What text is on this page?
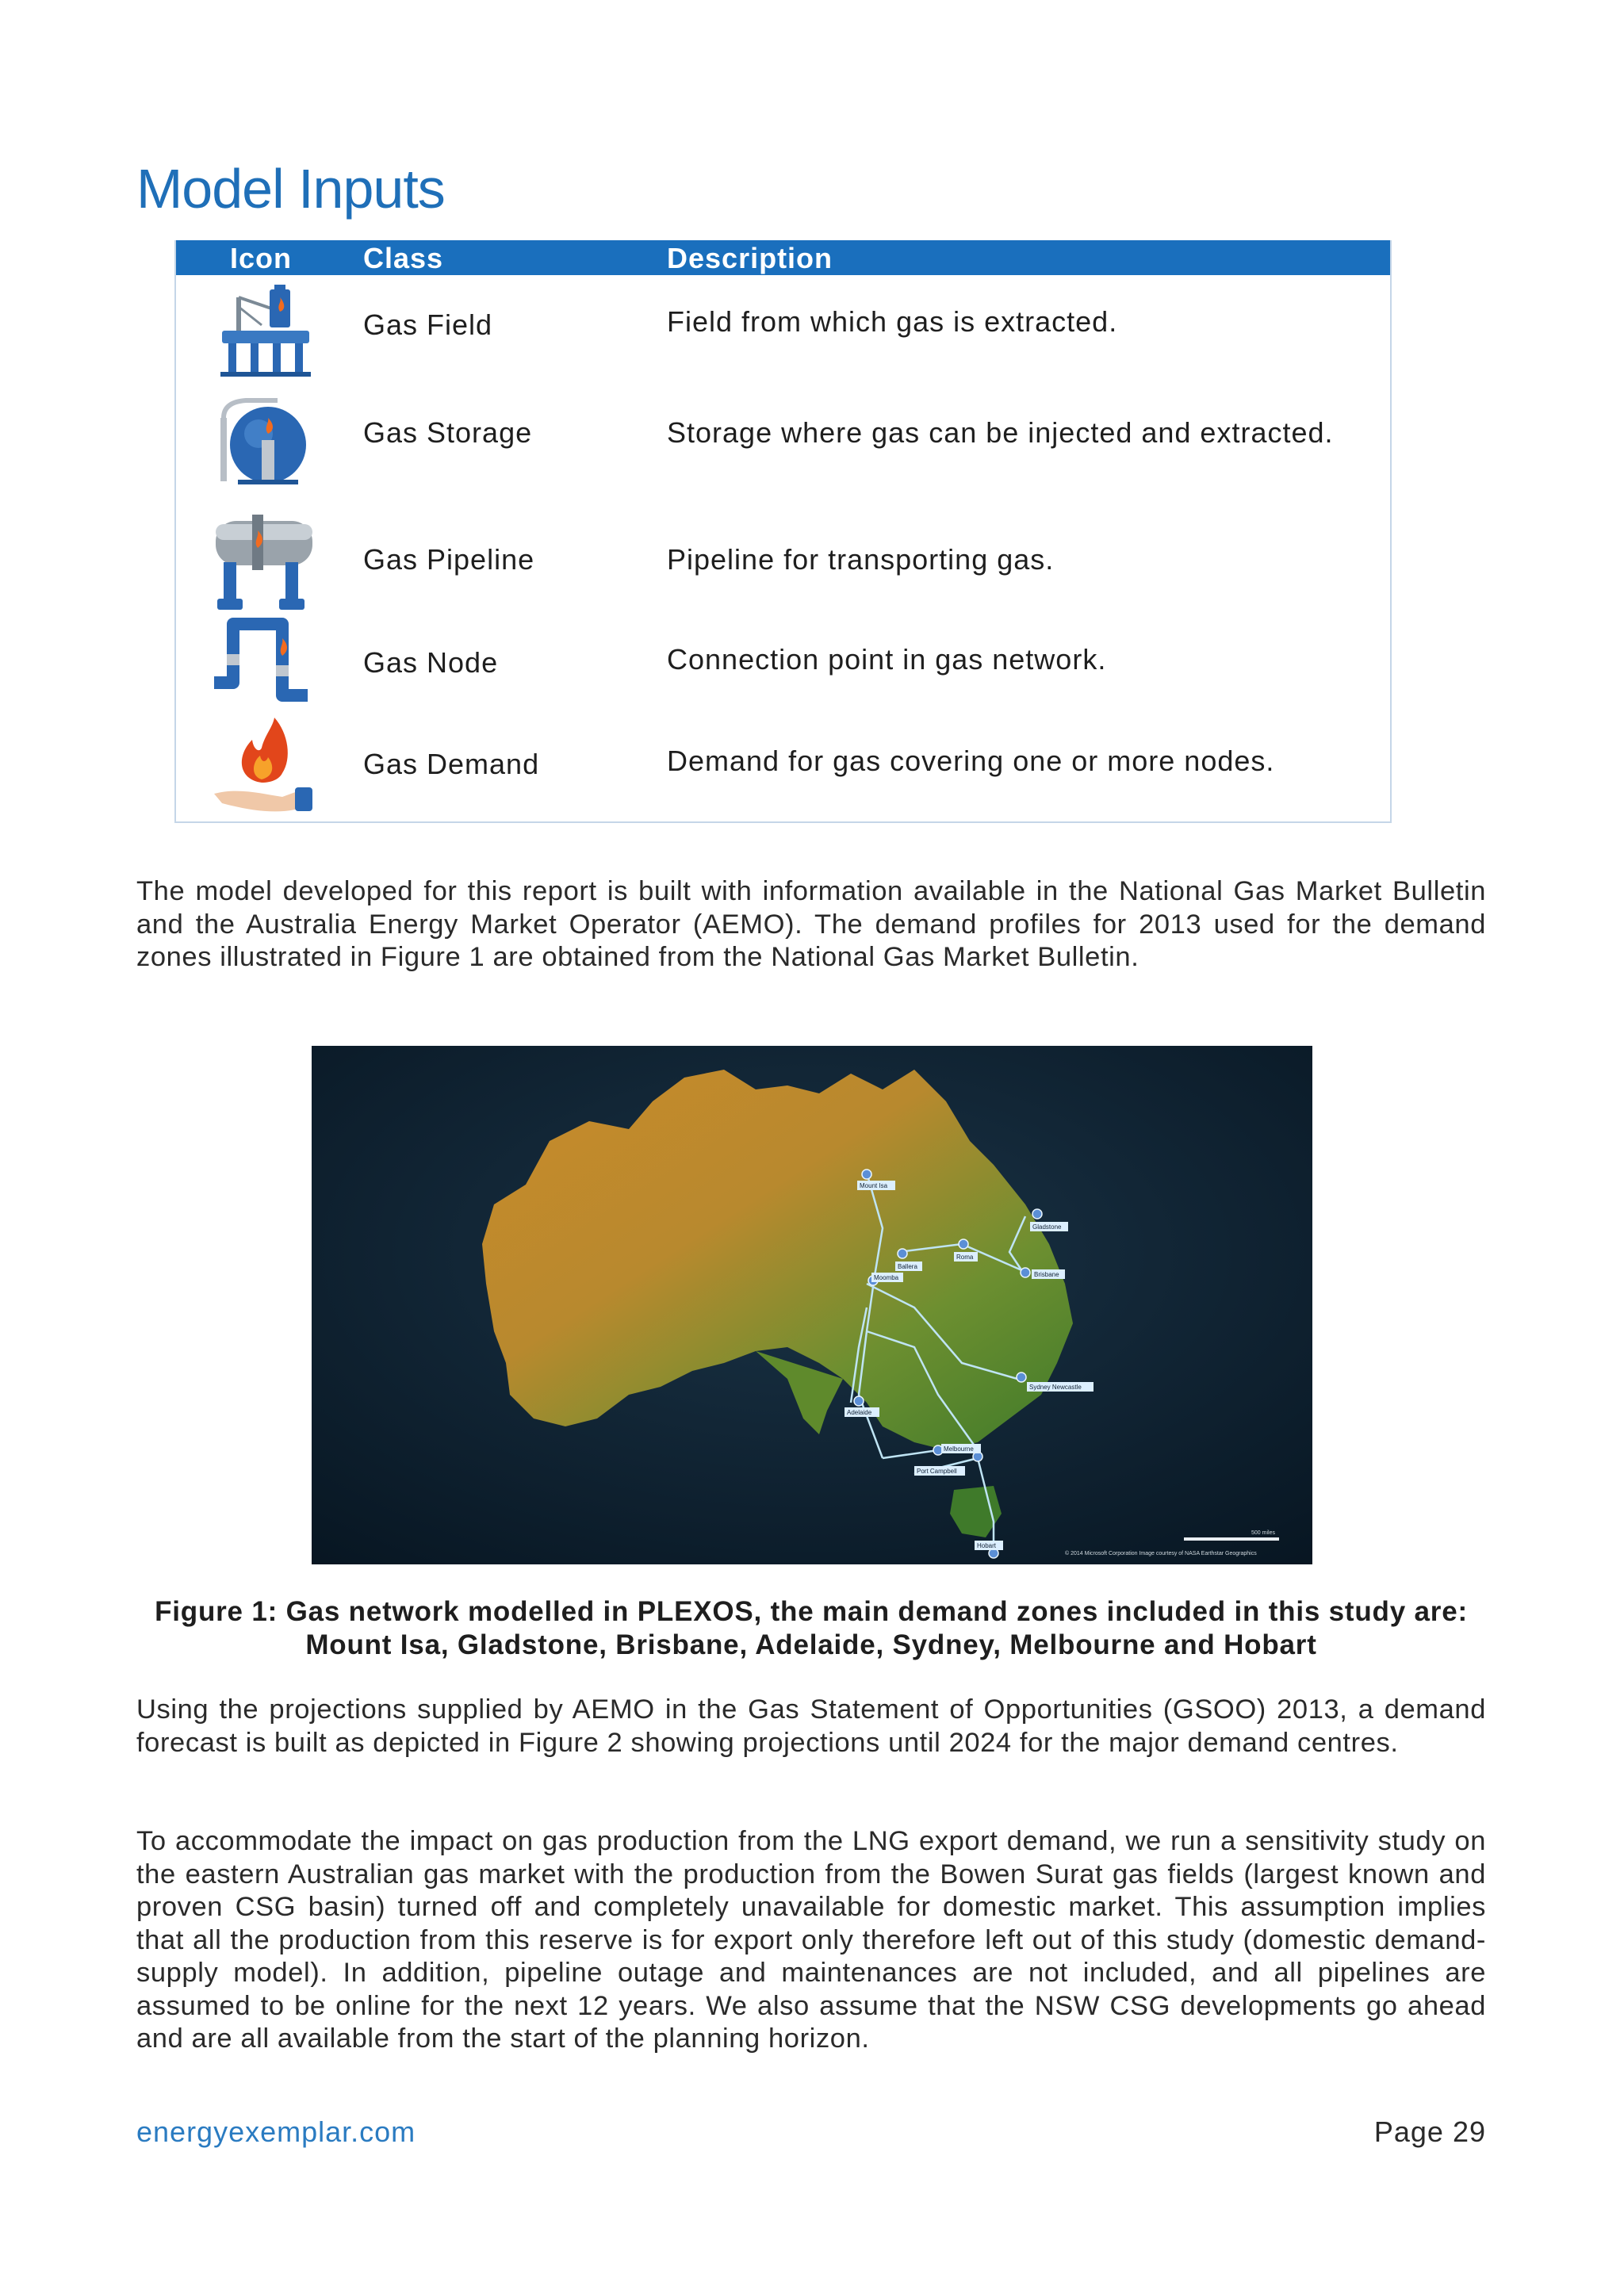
Model Inputs
Icon Class	Description
Gas Field	Field from which gas is extracted.
Gas Storage	Storage where gas can be injected and extracted.
Gas Pipeline	Pipeline for transporting gas.
Gas Node	Connection point in gas network.
Gas Demand	Demand for gas covering one or more nodes.

The model developed for this report is built with information available in the National Gas Market Bulletin and the Australia Energy Market Operator (AEMO). The demand profiles for 2013 used for the demand zones illustrated in Figure 1 are obtained from the National Gas Market Bulletin.

Mount Isa
Gladstone
Ballera
Moomba
Roma
Brisbane
Sydney Newcastle
Adelaide
Melbourne
Port Campbell
Hobart
© 2014 Microsoft Corporation Image courtesy of NASA Earthstar Geographics
500 miles
Figure 1: Gas network modelled in PLEXOS, the main demand zones included in this study are:
Mount Isa, Gladstone, Brisbane, Adelaide, Sydney, Melbourne and Hobart

Using the projections supplied by AEMO in the Gas Statement of Opportunities (GSOO) 2013, a demand forecast is built as depicted in Figure 2 showing projections until 2024 for the major demand centres.

To accommodate the impact on gas production from the LNG export demand, we run a sensitivity study on the eastern Australian gas market with the production from the Bowen Surat gas fields (largest known and proven CSG basin) turned off and completely unavailable for domestic market. This assumption implies that all the production from this reserve is for export only therefore left out of this study (domestic demand-supply model). In addition, pipeline outage and maintenances are not included, and all pipelines are assumed to be online for the next 12 years. We also assume that the NSW CSG developments go ahead and are all available from the start of the planning horizon.

energyexemplar.com	Page 29
